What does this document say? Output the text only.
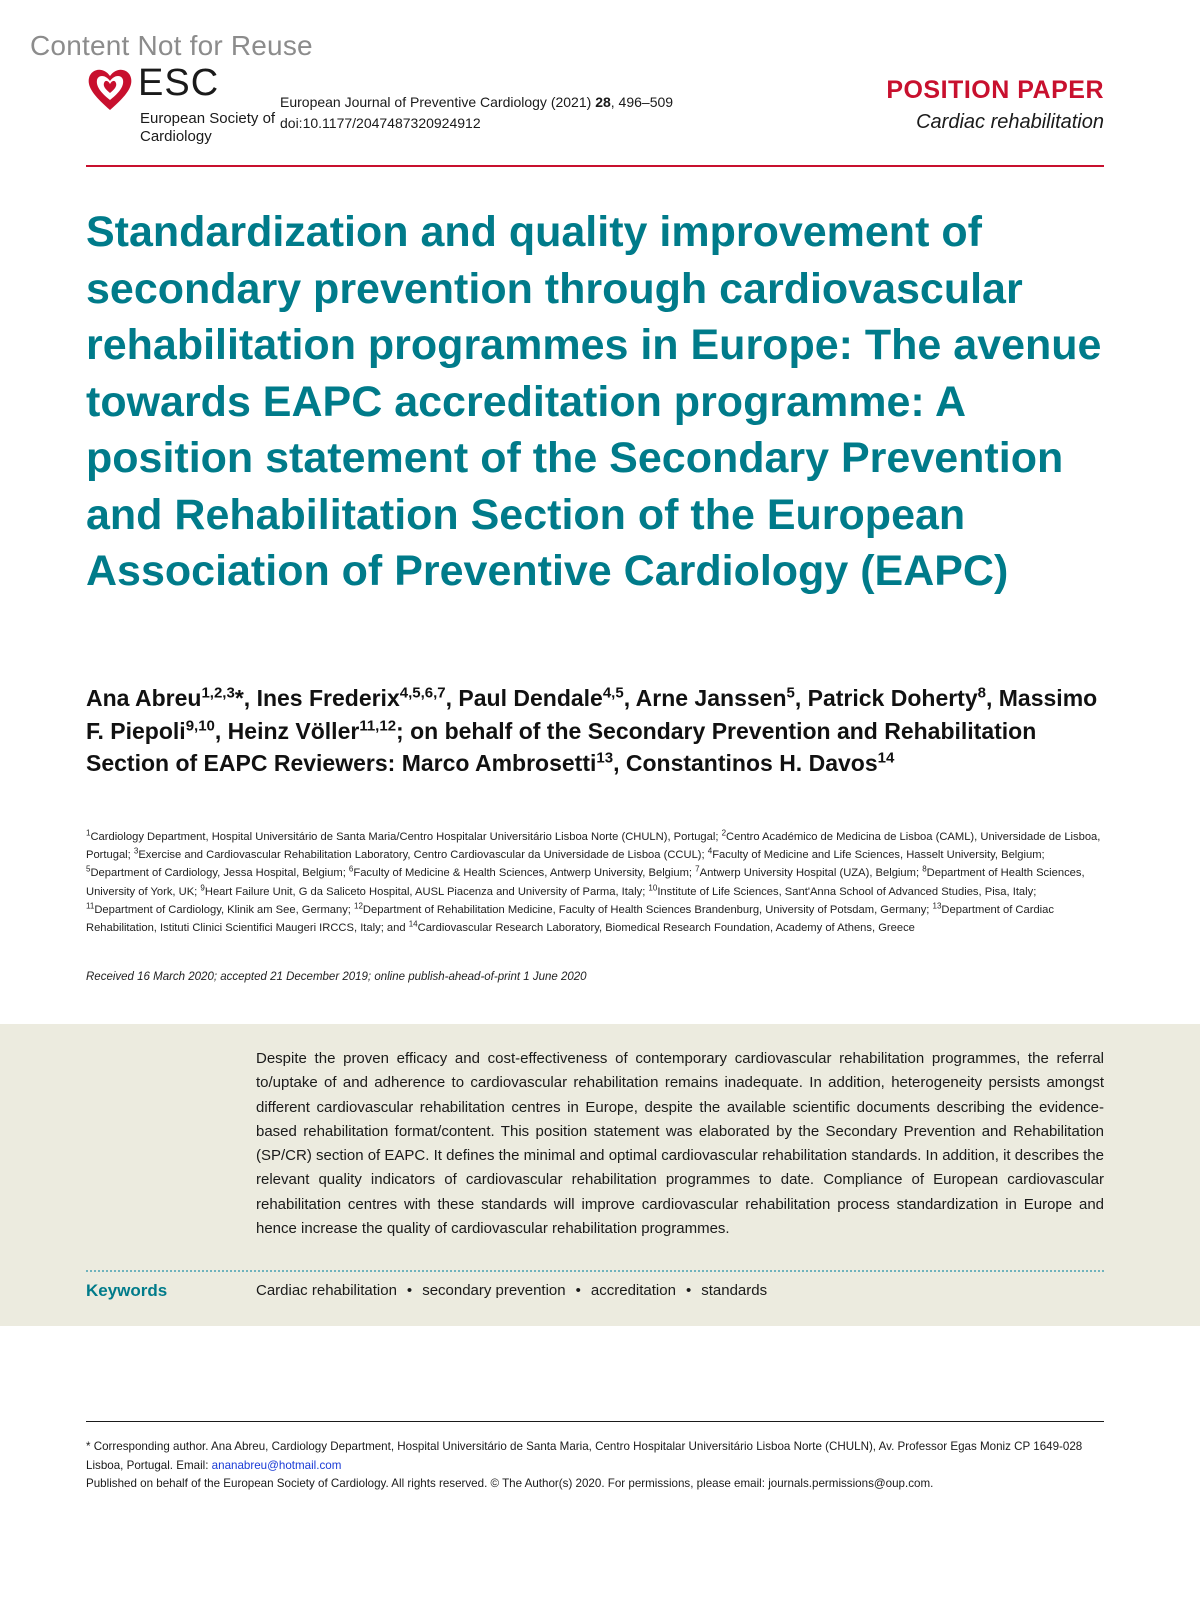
Content Not for Reuse
ESC
European Society of Cardiology
European Journal of Preventive Cardiology (2021) 28, 496–509
doi:10.1177/2047487320924912
POSITION PAPER
Cardiac rehabilitation
Standardization and quality improvement of secondary prevention through cardiovascular rehabilitation programmes in Europe: The avenue towards EAPC accreditation programme: A position statement of the Secondary Prevention and Rehabilitation Section of the European Association of Preventive Cardiology (EAPC)

Ana Abreu$^{1,2,3}$*, Ines Frederix$^{4,5,6,7}$, Paul Dendale$^{4,5}$, Arne Janssen$^5$, Patrick Doherty$^8$, Massimo F. Piepoli$^{9,10}$, Heinz Völler$^{11,12}$; on behalf of the Secondary Prevention and Rehabilitation Section of EAPC Reviewers: Marco Ambrosetti$^{13}$, Constantinos H. Davos$^{14}$

$^1$Cardiology Department, Hospital Universitário de Santa Maria/Centro Hospitalar Universitário Lisboa Norte (CHULN), Portugal; $^2$Centro Académico de Medicina de Lisboa (CAML), Universidade de Lisboa, Portugal; $^3$Exercise and Cardiovascular Rehabilitation Laboratory, Centro Cardiovascular da Universidade de Lisboa (CCUL); $^4$Faculty of Medicine and Life Sciences, Hasselt University, Belgium; $^5$Department of Cardiology, Jessa Hospital, Belgium; $^6$Faculty of Medicine & Health Sciences, Antwerp University, Belgium; $^7$Antwerp University Hospital (UZA), Belgium; $^8$Department of Health Sciences, University of York, UK; $^9$Heart Failure Unit, G da Saliceto Hospital, AUSL Piacenza and University of Parma, Italy; $^{10}$Institute of Life Sciences, Sant'Anna School of Advanced Studies, Pisa, Italy; $^{11}$Department of Cardiology, Klinik am See, Germany; $^{12}$Department of Rehabilitation Medicine, Faculty of Health Sciences Brandenburg, University of Potsdam, Germany; $^{13}$Department of Cardiac Rehabilitation, Istituti Clinici Scientifici Maugeri IRCCS, Italy; and $^{14}$Cardiovascular Research Laboratory, Biomedical Research Foundation, Academy of Athens, Greece

Received 16 March 2020; accepted 21 December 2019; online publish-ahead-of-print 1 June 2020

Despite the proven efficacy and cost-effectiveness of contemporary cardiovascular rehabilitation programmes, the referral to/uptake of and adherence to cardiovascular rehabilitation remains inadequate. In addition, heterogeneity persists amongst different cardiovascular rehabilitation centres in Europe, despite the available scientific documents describing the evidence-based rehabilitation format/content. This position statement was elaborated by the Secondary Prevention and Rehabilitation (SP/CR) section of EAPC. It defines the minimal and optimal cardiovascular rehabilitation standards. In addition, it describes the relevant quality indicators of cardiovascular rehabilitation programmes to date. Compliance of European cardiovascular rehabilitation centres with these standards will improve cardiovascular rehabilitation process standardization in Europe and hence increase the quality of cardiovascular rehabilitation programmes.

Keywords	Cardiac rehabilitation • secondary prevention • accreditation • standards
* Corresponding author. Ana Abreu, Cardiology Department, Hospital Universitário de Santa Maria, Centro Hospitalar Universitário Lisboa Norte (CHULN), Av. Professor Egas Moniz CP 1649-028 Lisboa, Portugal. Email: ananabreu@hotmail.com
Published on behalf of the European Society of Cardiology. All rights reserved. © The Author(s) 2020. For permissions, please email: journals.permissions@oup.com.
